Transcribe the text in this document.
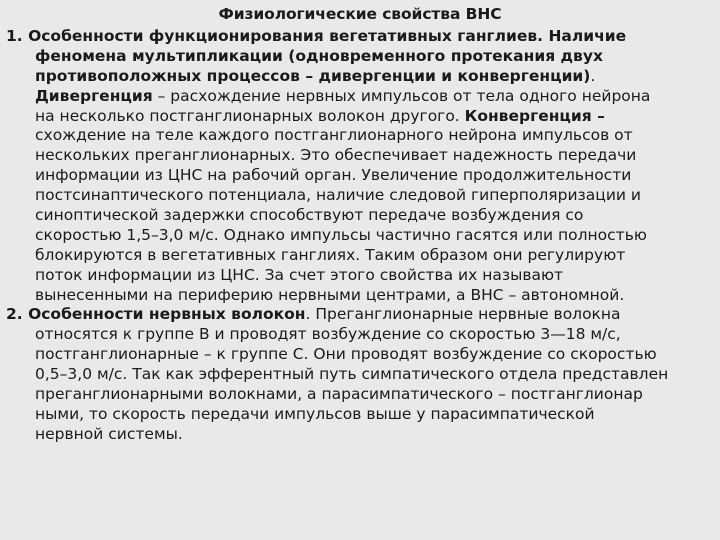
Физиологические свойства ВНС
1. Особенности функционирования вегетативных ганглиев. Наличие
феномена мультипликации (одновременного протекания двух
противоположных процессов – дивергенции и конвергенции).
Дивергенция – расхождение нервных импульсов от тела одного нейрона
на несколько постганглионарных волокон другого. Конвергенция –
схождение на теле каждого постганглионарного нейрона импульсов от
нескольких преганглионарных. Это обеспечивает надежность передачи
информации из ЦНС на рабочий орган. Увеличение продолжительности
постсинаптического потенциала, наличие следовой гиперполяризации и
синоптической задержки способствуют передаче возбуждения со
скоростью 1,5–3,0 м/с. Однако импульсы частично гасятся или полностью
блокируются в вегетативных ганглиях. Таким образом они регулируют
поток информации из ЦНС. За счет этого свойства их называют
вынесенными на периферию нервными центрами, а ВНС – автономной.
2. Особенности нервных волокон. Преганглионарные нервные волокна
относятся к группе В и проводят возбуждение со скоростью 3—18 м/с,
постганглионарные – к группе С. Они проводят возбуждение со скоростью
0,5–3,0 м/с. Так как эфферентный путь симпатического отдела представлен
преганглионарными волокнами, а парасимпатического – постганглионар
ными, то скорость передачи импульсов выше у парасимпатической
нервной системы.
